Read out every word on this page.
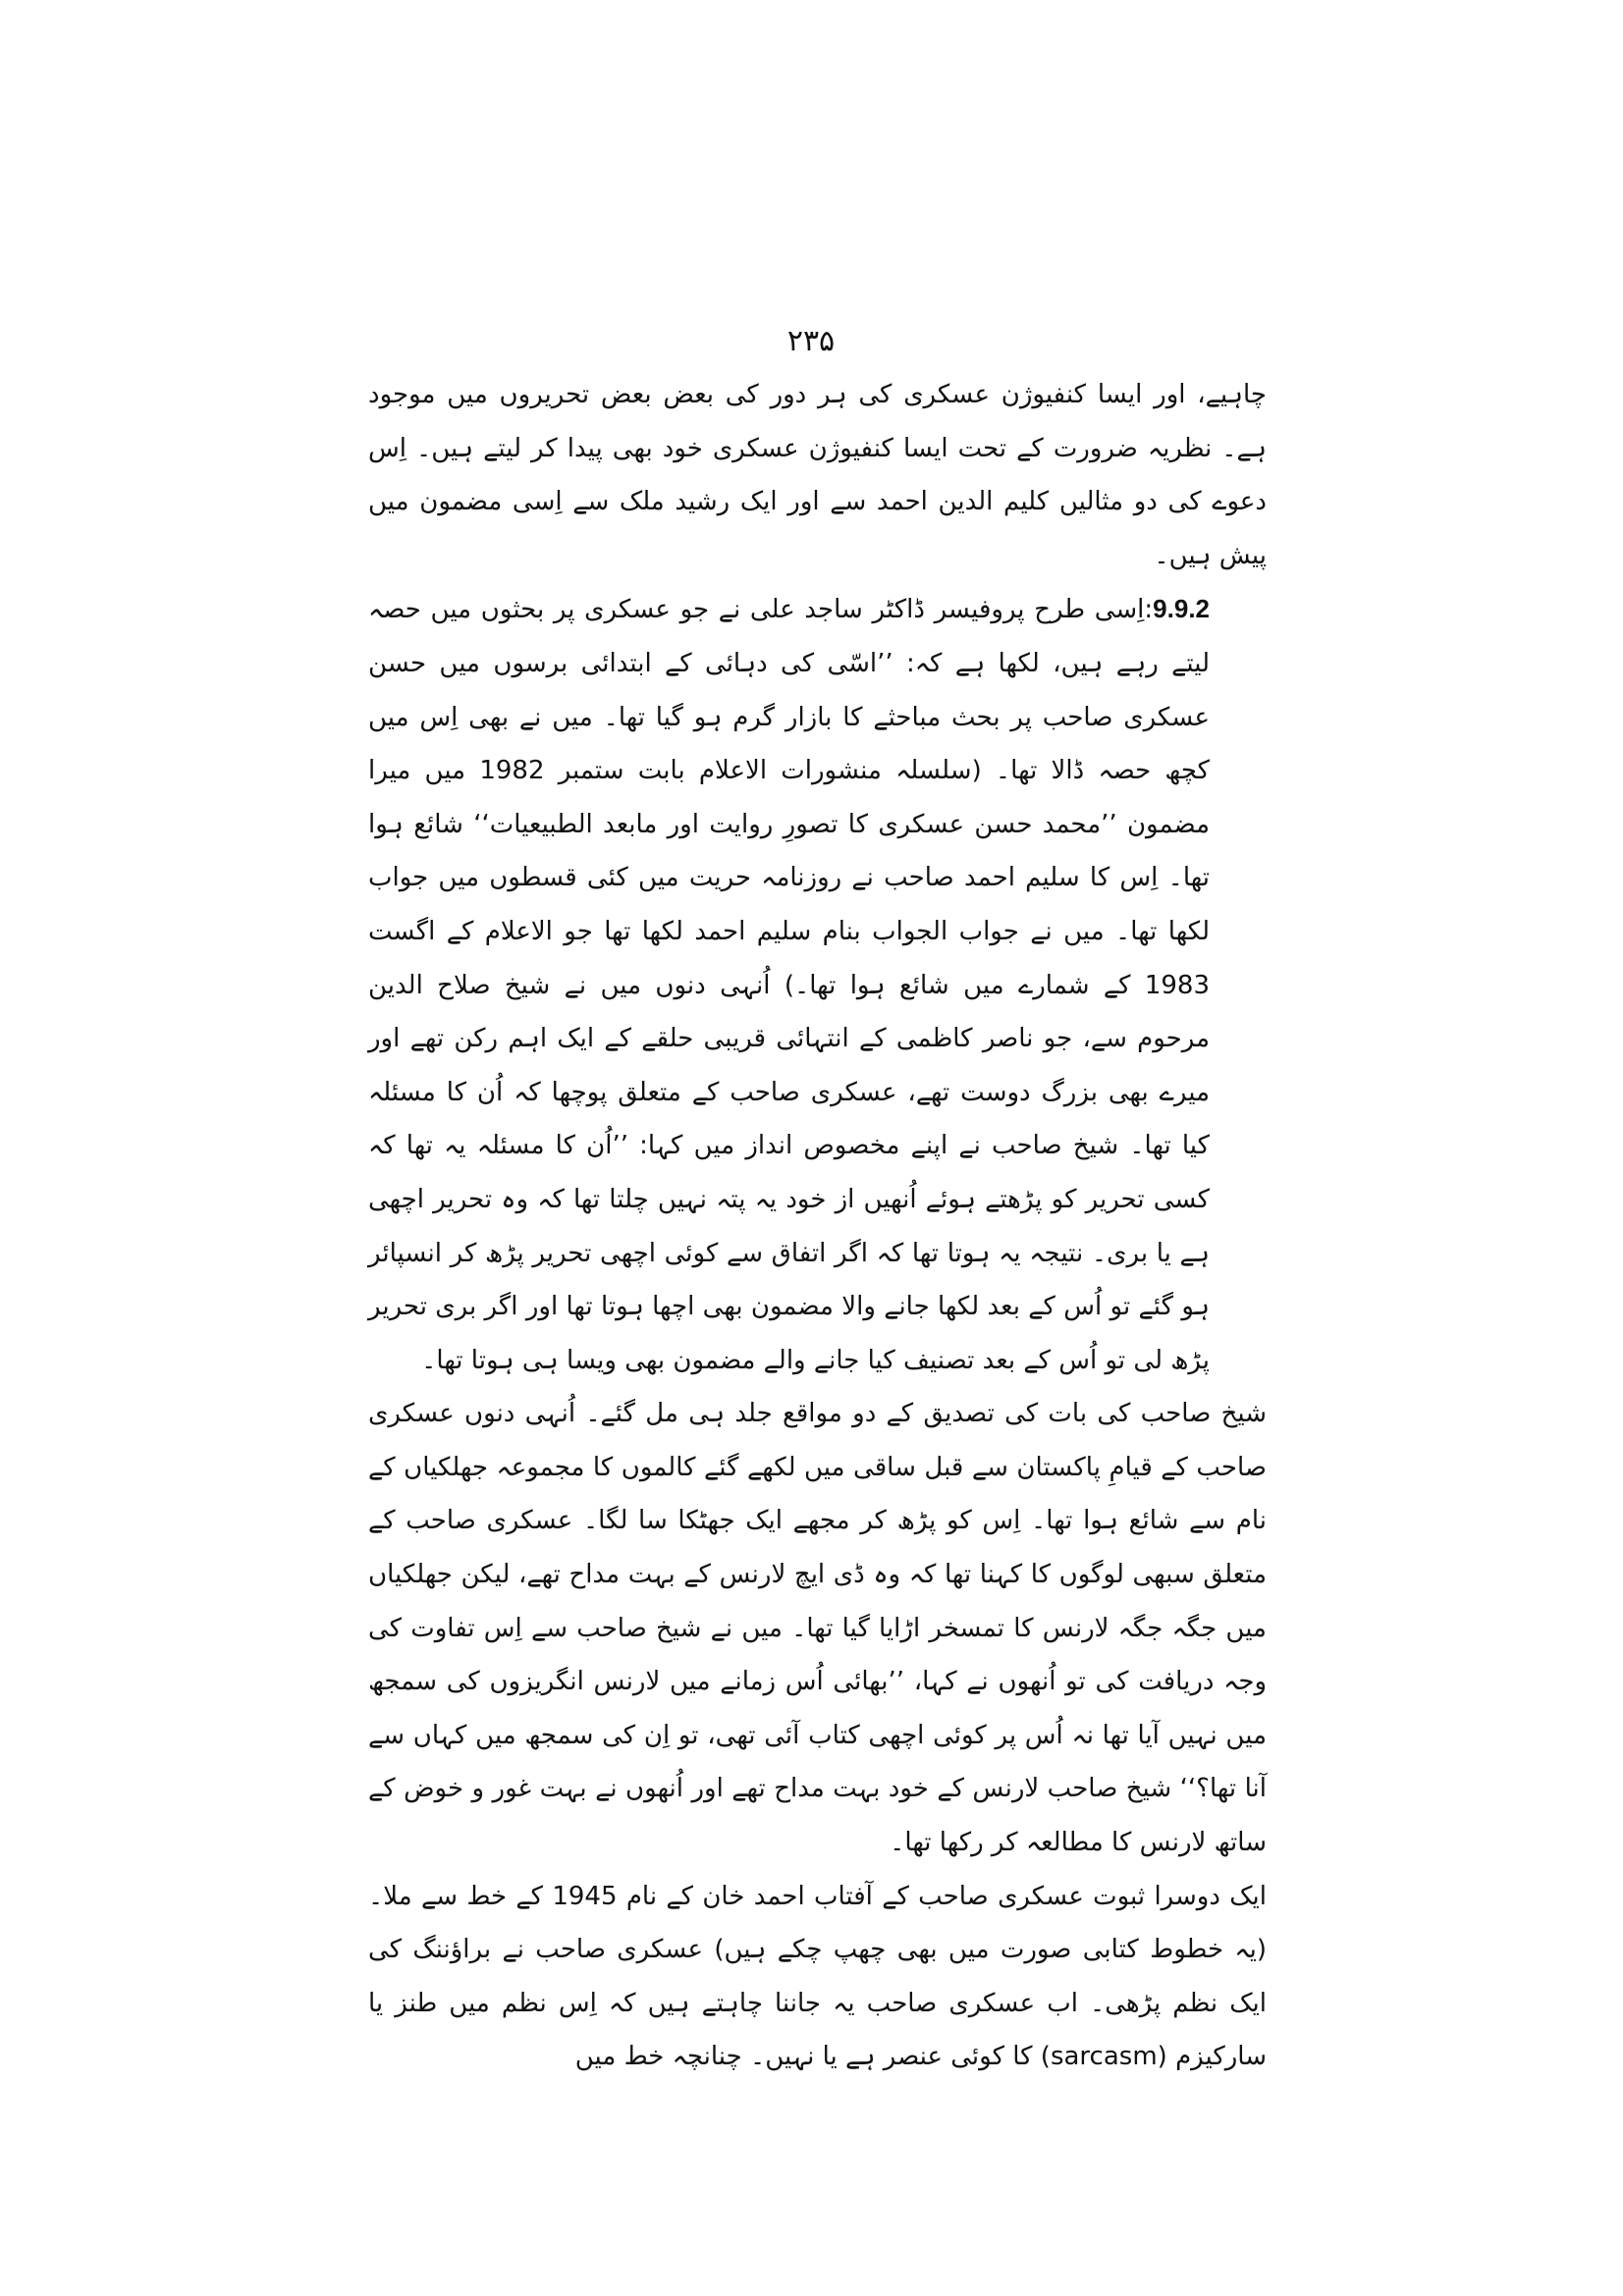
۲۳۵

چاہیے، اور ایسا کنفیوژن عسکری کی ہر دور کی بعض بعض تحریروں میں موجود ہے۔ نظریہ ضرورت کے تحت ایسا کنفیوژن عسکری خود بھی پیدا کر لیتے ہیں۔ اِس دعوے کی دو مثالیں کلیم الدین احمد سے اور ایک رشید ملک سے اِسی مضمون میں پیش ہیں۔

9.9.2:اِسی طرح پروفیسر ڈاکٹر ساجد علی نے جو عسکری پر بحثوں میں حصہ لیتے رہے ہیں، لکھا ہے کہ: ’’اسّی کی دہائی کے ابتدائی برسوں میں حسن عسکری صاحب پر بحث مباحثے کا بازار گرم ہو گیا تھا۔ میں نے بھی اِس میں کچھ حصہ ڈالا تھا۔ (سلسلہ منشورات الاعلام بابت ستمبر 1982 میں میرا مضمون ’’محمد حسن عسکری کا تصورِ روایت اور مابعد الطبیعیات‘‘ شائع ہوا تھا۔ اِس کا سلیم احمد صاحب نے روزنامہ حریت میں کئی قسطوں میں جواب لکھا تھا۔ میں نے جواب الجواب بنام سلیم احمد لکھا تھا جو الاعلام کے اگست 1983 کے شمارے میں شائع ہوا تھا۔) اُنہی دنوں میں نے شیخ صلاح الدین مرحوم سے، جو ناصر کاظمی کے انتہائی قریبی حلقے کے ایک اہم رکن تھے اور میرے بھی بزرگ دوست تھے، عسکری صاحب کے متعلق پوچھا کہ اُن کا مسئلہ کیا تھا۔ شیخ صاحب نے اپنے مخصوص انداز میں کہا: ’’اُن کا مسئلہ یہ تھا کہ کسی تحریر کو پڑھتے ہوئے اُنھیں از خود یہ پتہ نہیں چلتا تھا کہ وہ تحریر اچھی ہے یا بری۔ نتیجہ یہ ہوتا تھا کہ اگر اتفاق سے کوئی اچھی تحریر پڑھ کر انسپائر ہو گئے تو اُس کے بعد لکھا جانے والا مضمون بھی اچھا ہوتا تھا اور اگر بری تحریر پڑھ لی تو اُس کے بعد تصنیف کیا جانے والے مضمون بھی ویسا ہی ہوتا تھا۔

شیخ صاحب کی بات کی تصدیق کے دو مواقع جلد ہی مل گئے۔ اُنہی دنوں عسکری صاحب کے قیامِ پاکستان سے قبل ساقی میں لکھے گئے کالموں کا مجموعہ جھلکیاں کے نام سے شائع ہوا تھا۔ اِس کو پڑھ کر مجھے ایک جھٹکا سا لگا۔ عسکری صاحب کے متعلق سبھی لوگوں کا کہنا تھا کہ وہ ڈی ایچ لارنس کے بہت مداح تھے، لیکن جھلکیاں میں جگہ جگہ لارنس کا تمسخر اڑایا گیا تھا۔ میں نے شیخ صاحب سے اِس تفاوت کی وجہ دریافت کی تو اُنھوں نے کہا، ’’بھائی اُس زمانے میں لارنس انگریزوں کی سمجھ میں نہیں آیا تھا نہ اُس پر کوئی اچھی کتاب آئی تھی، تو اِن کی سمجھ میں کہاں سے آنا تھا؟‘‘ شیخ صاحب لارنس کے خود بہت مداح تھے اور اُنھوں نے بہت غور و خوض کے ساتھ لارنس کا مطالعہ کر رکھا تھا۔

ایک دوسرا ثبوت عسکری صاحب کے آفتاب احمد خان کے نام 1945 کے خط سے ملا۔ (یہ خطوط کتابی صورت میں بھی چھپ چکے ہیں) عسکری صاحب نے براؤننگ کی ایک نظم پڑھی۔ اب عسکری صاحب یہ جاننا چاہتے ہیں کہ اِس نظم میں طنز یا سارکیزم (sarcasm) کا کوئی عنصر ہے یا نہیں۔ چنانچہ خط میں
